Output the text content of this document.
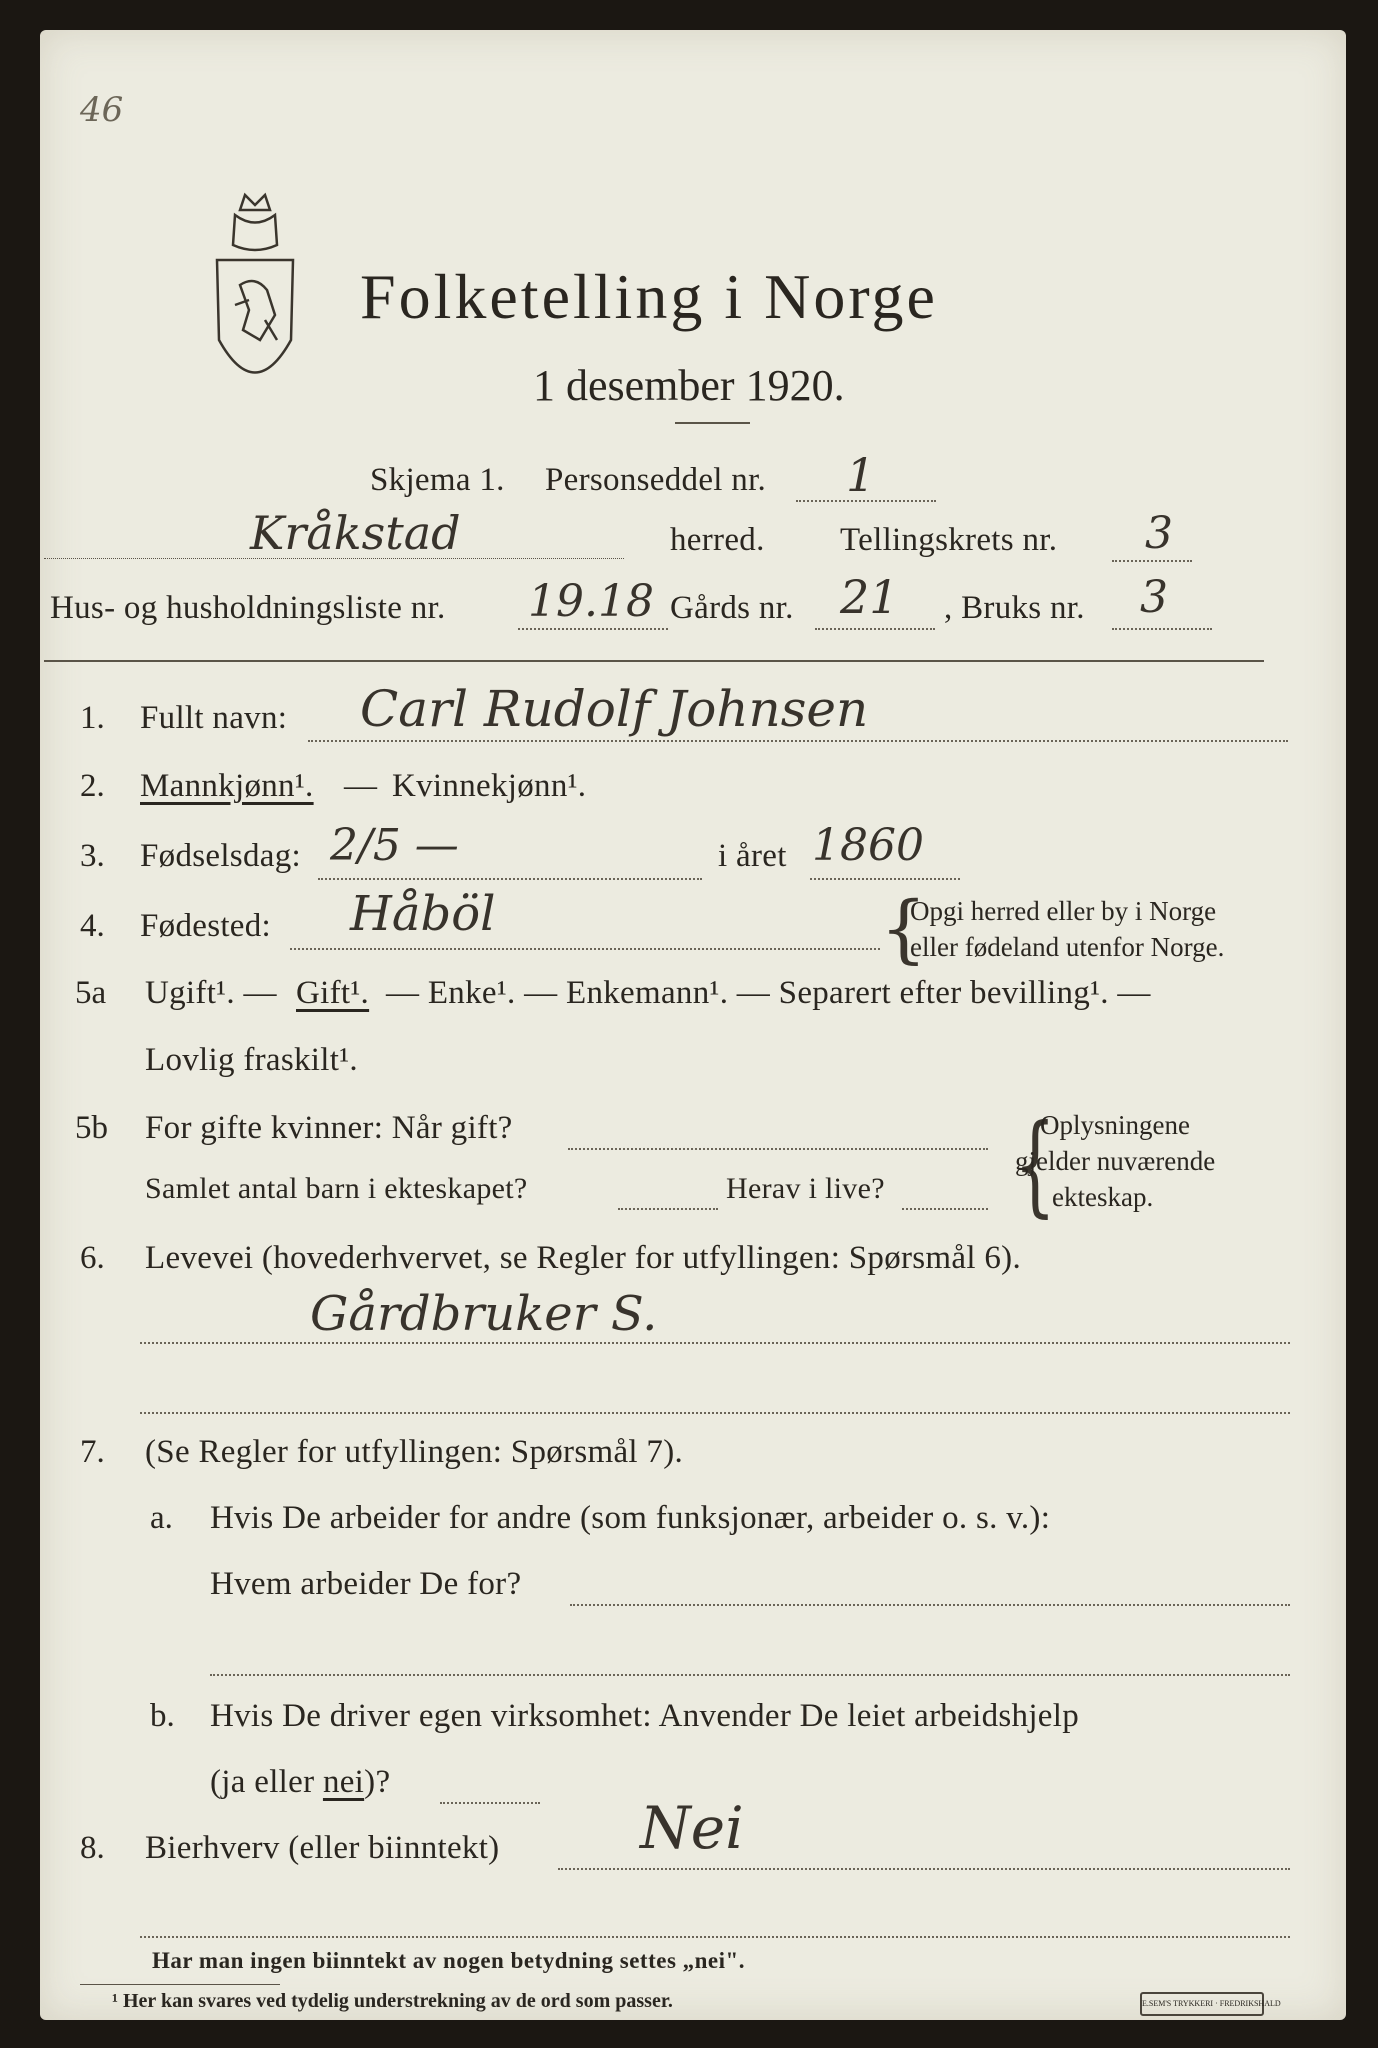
46
Folketelling i Norge
1 desember 1920.
Skjema 1. Personseddel nr. 1
Kråkstad	herred. Tellingskrets nr. 3
Hus- og husholdningsliste nr. 19.18 Gårds nr. 21 , Bruks nr. 3
1. Fullt navn: Carl Rudolf Johnsen
2. Mannkjønn¹. — Kvinnekjønn¹.
3. Fødselsdag: 2/5 —	i året 1860
4. Fødested: Håböl	{
Opgi herred eller by i Norge
eller fødeland utenfor Norge.
5a Ugift¹. — Gift¹. — Enke¹. — Enkemann¹. — Separert efter bevilling¹. —
Lovlig fraskilt¹.
5b For gifte kvinner: Når gift?
Samlet antal barn i ekteskapet?	Herav i live? {
Oplysningene
gjelder nuværende
ekteskap.
6. Levevei (hovederhvervet, se Regler for utfyllingen: Spørsmål 6).
Gårdbruker S.
7. (Se Regler for utfyllingen: Spørsmål 7).
a. Hvis De arbeider for andre (som funksjonær, arbeider o. s. v.):
Hvem arbeider De for?
b. Hvis De driver egen virksomhet: Anvender De leiet arbeidshjelp
(ja eller nei)?
8. Bierhverv (eller biinntekt) Nei
Har man ingen biinntekt av nogen betydning settes „nei".
¹ Her kan svares ved tydelig understrekning av de ord som passer.	E.SEM'S TRYKKERI · FREDRIKSHALD
